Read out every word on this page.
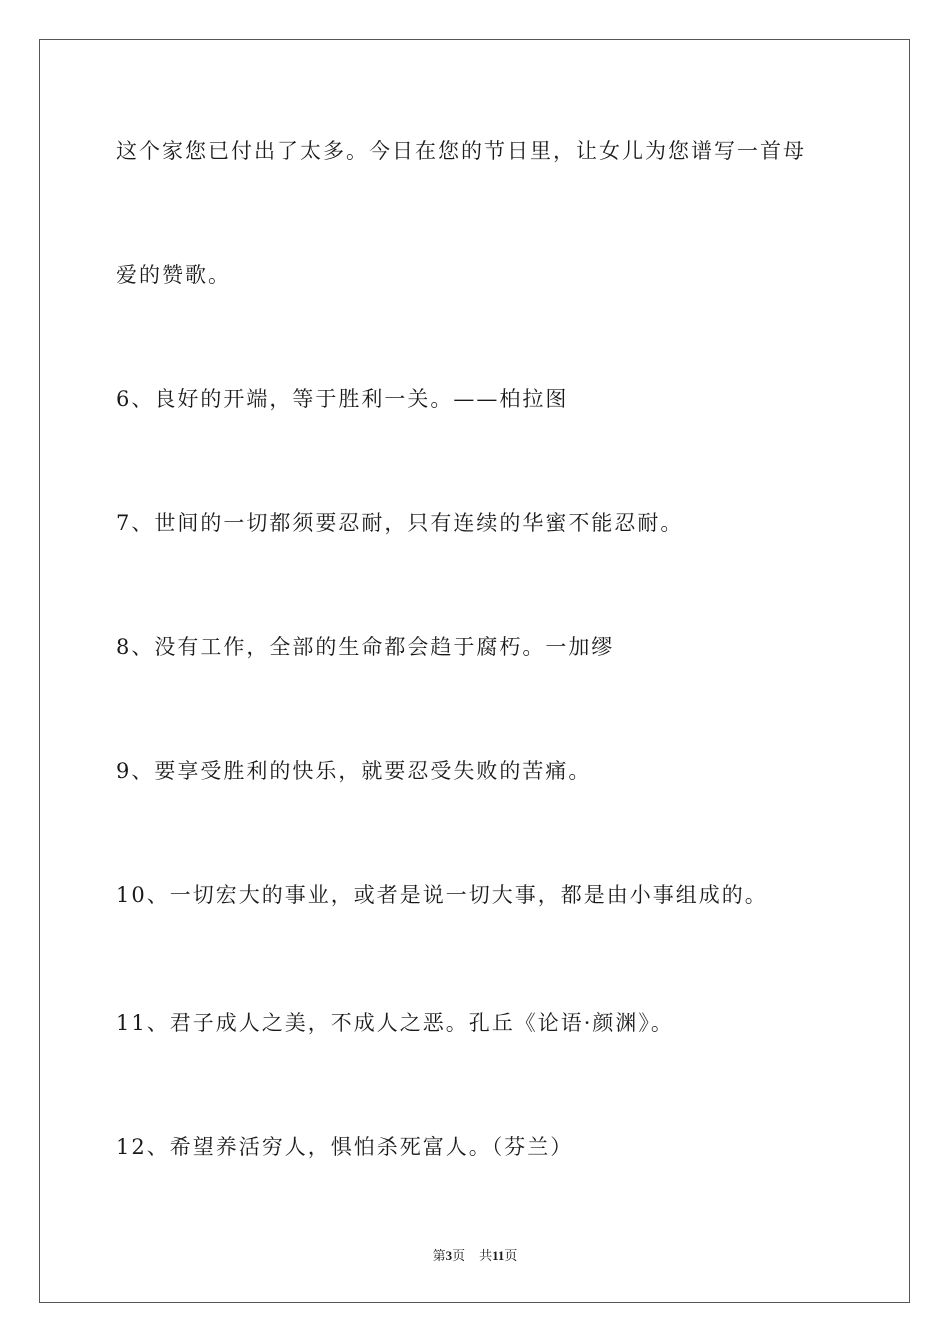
这个家您已付出了太多。今日在您的节日里，让女儿为您谱写一首母
爱的赞歌。
6、良好的开端，等于胜利一关。——柏拉图
7、世间的一切都须要忍耐，只有连续的华蜜不能忍耐。
8、没有工作，全部的生命都会趋于腐朽。一加缪
9、要享受胜利的快乐，就要忍受失败的苦痛。
10、一切宏大的事业，或者是说一切大事，都是由小事组成的。
11、君子成人之美，不成人之恶。孔丘《论语·颜渊》。
12、希望养活穷人，惧怕杀死富人。（芬兰）
第3页 共11页
